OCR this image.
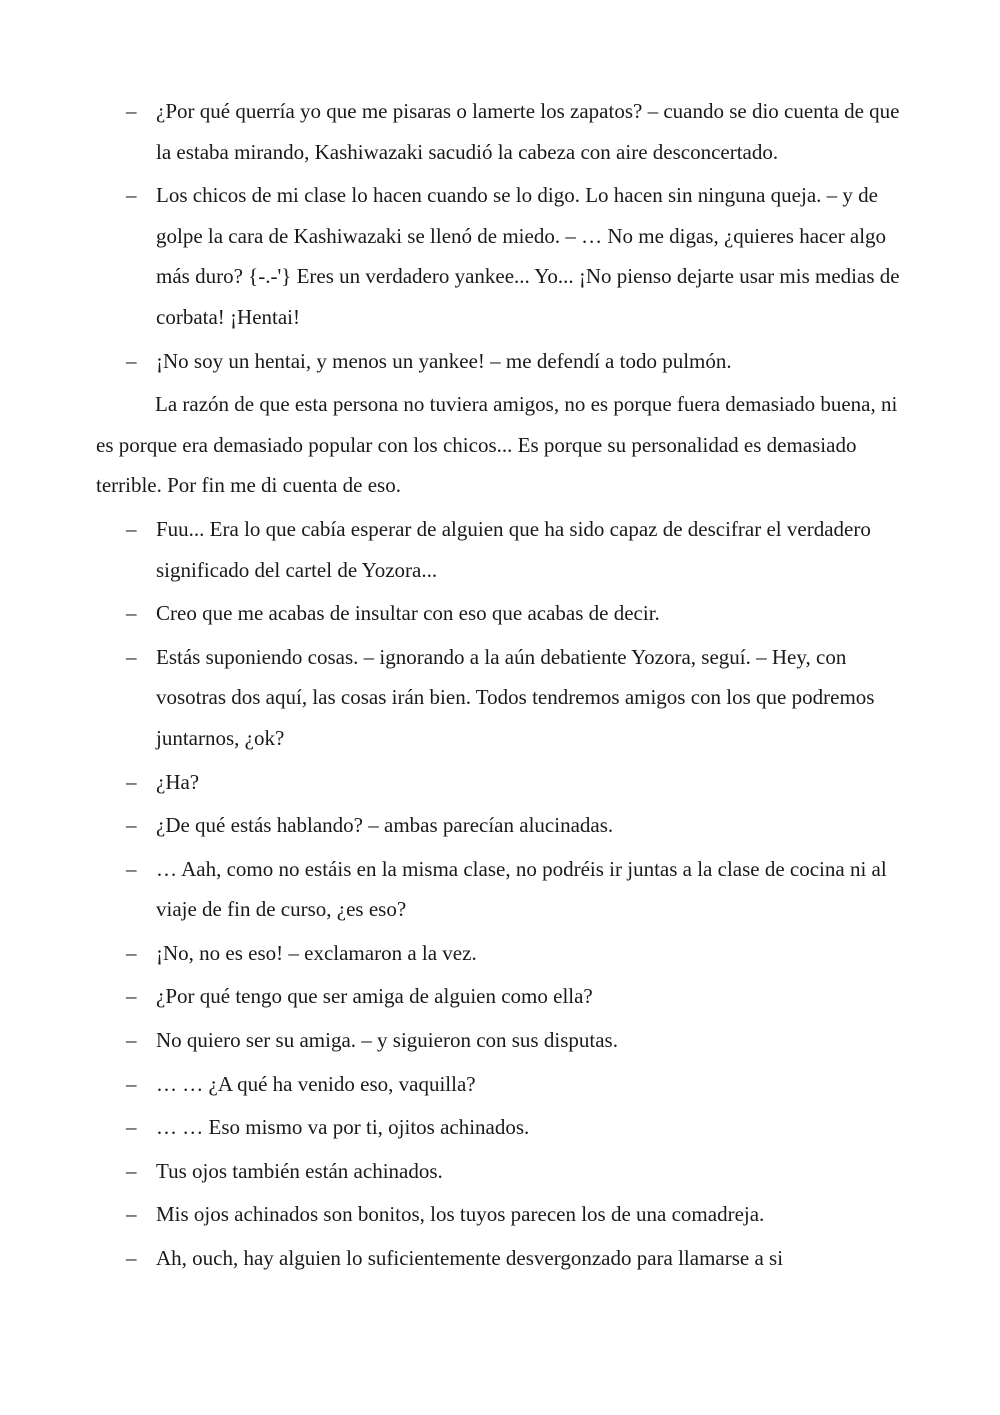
– ¿Por qué querría yo que me pisaras o lamerte los zapatos? – cuando se dio cuenta de que la estaba mirando, Kashiwazaki sacudió la cabeza con aire desconcertado.
– Los chicos de mi clase lo hacen cuando se lo digo. Lo hacen sin ninguna queja. – y de golpe la cara de Kashiwazaki se llenó de miedo. – … No me digas, ¿quieres hacer algo más duro? {-.-'} Eres un verdadero yankee... Yo... ¡No pienso dejarte usar mis medias de corbata! ¡Hentai!
– ¡No soy un hentai, y menos un yankee! – me defendí a todo pulmón.

La razón de que esta persona no tuviera amigos, no es porque fuera demasiado buena, ni es porque era demasiado popular con los chicos... Es porque su personalidad es demasiado terrible. Por fin me di cuenta de eso.

– Fuu... Era lo que cabía esperar de alguien que ha sido capaz de descifrar el verdadero significado del cartel de Yozora...
– Creo que me acabas de insultar con eso que acabas de decir.
– Estás suponiendo cosas. – ignorando a la aún debatiente Yozora, seguí. – Hey, con vosotras dos aquí, las cosas irán bien. Todos tendremos amigos con los que podremos juntarnos, ¿ok?
– ¿Ha?
– ¿De qué estás hablando? – ambas parecían alucinadas.
– … Aah, como no estáis en la misma clase, no podréis ir juntas a la clase de cocina ni al viaje de fin de curso, ¿es eso?
– ¡No, no es eso! – exclamaron a la vez.
– ¿Por qué tengo que ser amiga de alguien como ella?
– No quiero ser su amiga. – y siguieron con sus disputas.
– … … ¿A qué ha venido eso, vaquilla?
– … … Eso mismo va por ti, ojitos achinados.
– Tus ojos también están achinados.
– Mis ojos achinados son bonitos, los tuyos parecen los de una comadreja.
– Ah, ouch, hay alguien lo suficientemente desvergonzado para llamarse a si
